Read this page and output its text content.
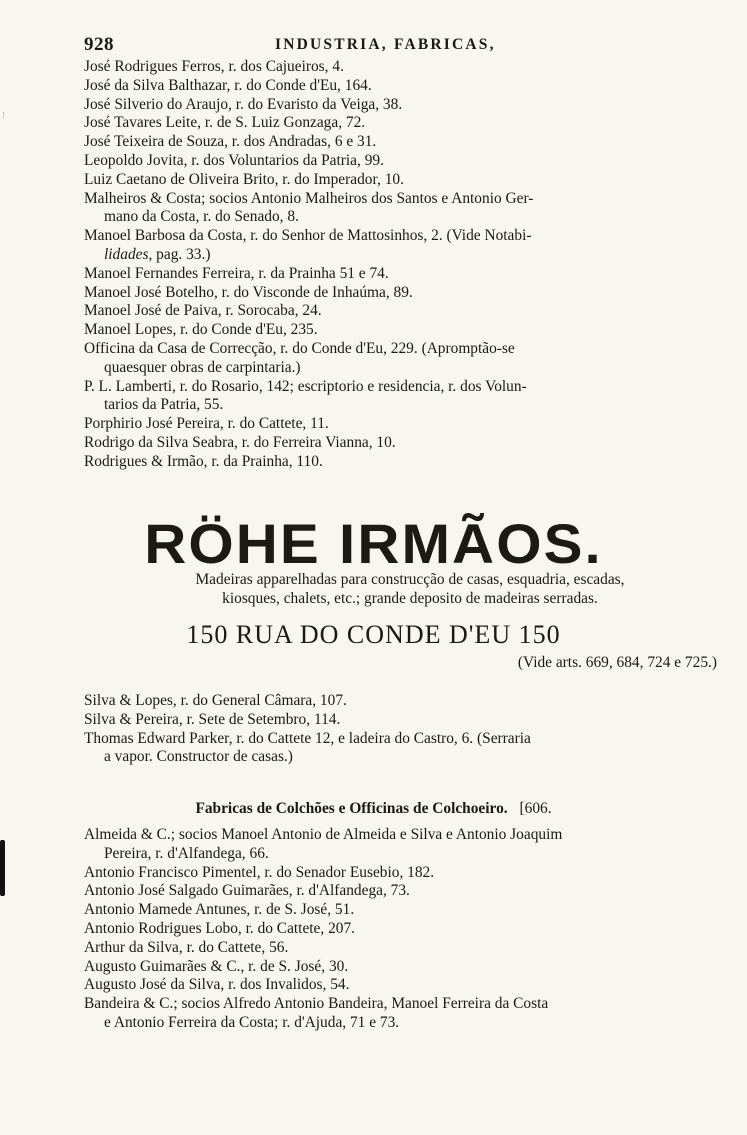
928	INDUSTRIA, FABRICAS,
⁝

José Rodrigues Ferros, r. dos Cajueiros, 4.

José da Silva Balthazar, r. do Conde d'Eu, 164.

José Silverio do Araujo, r. do Evaristo da Veiga, 38.

José Tavares Leite, r. de S. Luiz Gonzaga, 72.

José Teixeira de Souza, r. dos Andradas, 6 e 31.

Leopoldo Jovita, r. dos Voluntarios da Patria, 99.

Luiz Caetano de Oliveira Brito, r. do Imperador, 10.

Malheiros & Costa; socios Antonio Malheiros dos Santos e Antonio Ger-
mano da Costa, r. do Senado, 8.

Manoel Barbosa da Costa, r. do Senhor de Mattosinhos, 2. (Vide Notabi-
lidades, pag. 33.)

Manoel Fernandes Ferreira, r. da Prainha 51 e 74.

Manoel José Botelho, r. do Visconde de Inhaúma, 89.

Manoel José de Paiva, r. Sorocaba, 24.

Manoel Lopes, r. do Conde d'Eu, 235.

Officina da Casa de Correcção, r. do Conde d'Eu, 229. (Apromptão-se
quaesquer obras de carpintaria.)

P. L. Lamberti, r. do Rosario, 142; escriptorio e residencia, r. dos Volun-
tarios da Patria, 55.

Porphirio José Pereira, r. do Cattete, 11.

Rodrigo da Silva Seabra, r. do Ferreira Vianna, 10.

Rodrigues & Irmão, r. da Prainha, 110.

RÖHE IRMÃOS.
Madeiras apparelhadas para construcção de casas, esquadria, escadas,
kiosques, chalets, etc.; grande deposito de madeiras serradas.
150 RUA DO CONDE D'EU 150
(Vide arts. 669, 684, 724 e 725.)

Silva & Lopes, r. do General Câmara, 107.

Silva & Pereira, r. Sete de Setembro, 114.

Thomas Edward Parker, r. do Cattete 12, e ladeira do Castro, 6. (Serraria
a vapor. Constructor de casas.)

Fabricas de Colchões e Officinas de Colchoeiro. [606.

Almeida & C.; socios Manoel Antonio de Almeida e Silva e Antonio Joaquim
Pereira, r. d'Alfandega, 66.

Antonio Francisco Pimentel, r. do Senador Eusebio, 182.

Antonio José Salgado Guimarães, r. d'Alfandega, 73.

Antonio Mamede Antunes, r. de S. José, 51.

Antonio Rodrigues Lobo, r. do Cattete, 207.

Arthur da Silva, r. do Cattete, 56.

Augusto Guimarães & C., r. de S. José, 30.

Augusto José da Silva, r. dos Invalidos, 54.

Bandeira & C.; socios Alfredo Antonio Bandeira, Manoel Ferreira da Costa
e Antonio Ferreira da Costa; r. d'Ajuda, 71 e 73.
